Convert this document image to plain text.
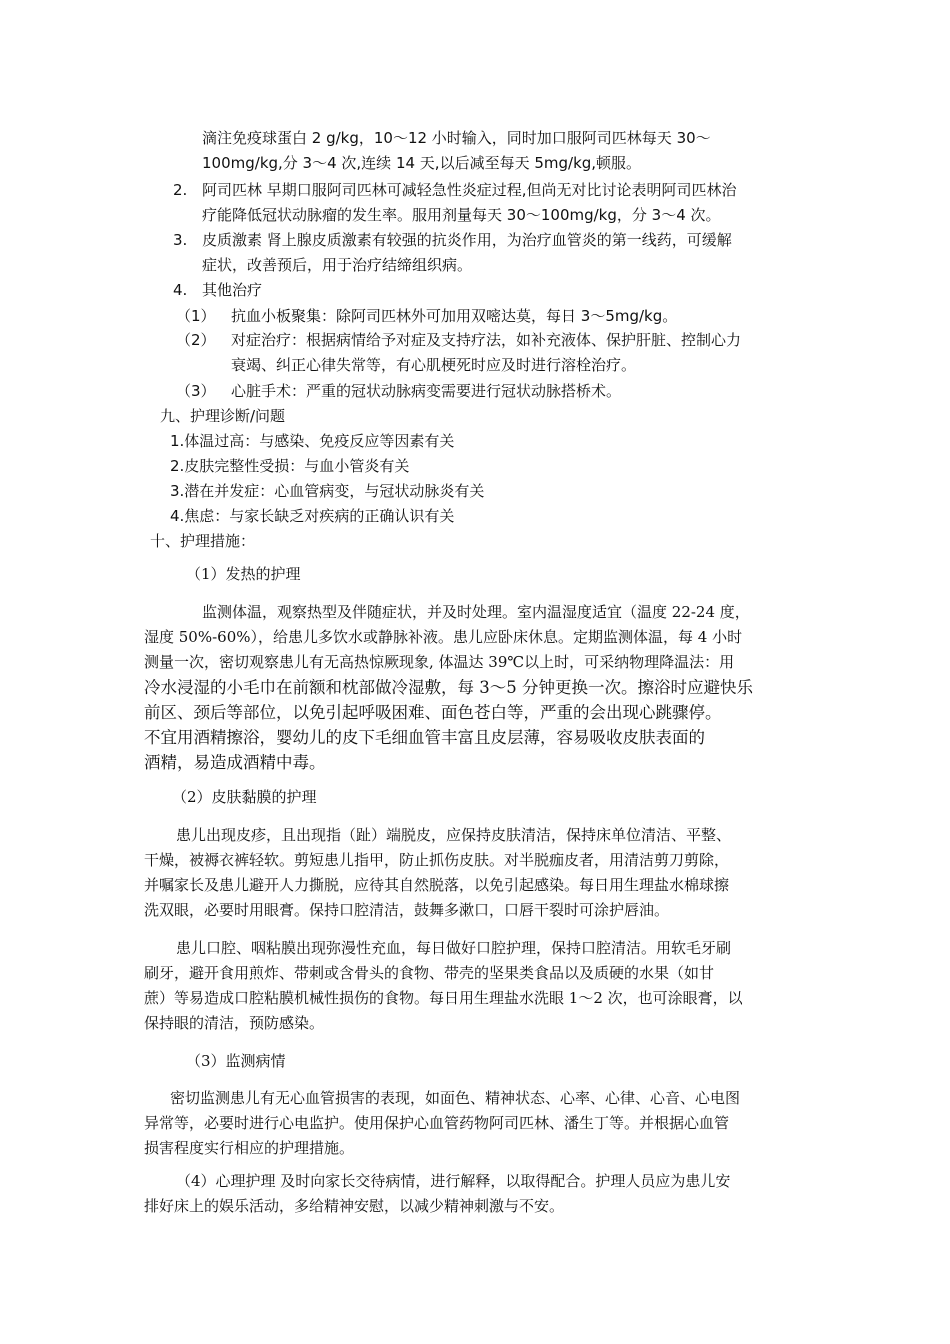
滴注免疫球蛋白 2 g/kg，10～12 小时输入，同时加口服阿司匹林每天 30～
100mg/kg,分 3～4 次,连续 14 天,以后减至每天 5mg/kg,顿服。
2. 阿司匹林 早期口服阿司匹林可减轻急性炎症过程,但尚无对比讨论表明阿司匹林治
疗能降低冠状动脉瘤的发生率。服用剂量每天 30～100mg/kg，分 3～4 次。
3. 皮质激素 肾上腺皮质激素有较强的抗炎作用，为治疗血管炎的第一线药，可缓解
症状，改善预后，用于治疗结缔组织病。
4. 其他治疗
（1） 抗血小板聚集：除阿司匹林外可加用双嘧达莫，每日 3～5mg/kg。
（2） 对症治疗：根据病情给予对症及支持疗法，如补充液体、保护肝脏、控制心力
衰竭、纠正心律失常等，有心肌梗死时应及时进行溶栓治疗。
（3） 心脏手术：严重的冠状动脉病变需要进行冠状动脉搭桥术。
九、护理诊断/问题
1.体温过高：与感染、免疫反应等因素有关
2.皮肤完整性受损：与血小管炎有关
3.潜在并发症：心血管病变，与冠状动脉炎有关
4.焦虑：与家长缺乏对疾病的正确认识有关
十、护理措施：
（1）发热的护理
监测体温，观察热型及伴随症状，并及时处理。室内温湿度适宜（温度 22-24 度，
湿度 50%-60%），给患儿多饮水或静脉补液。患儿应卧床休息。定期监测体温，每 4 小时
测量一次，密切观察患儿有无高热惊厥现象, 体温达 39℃以上时，可采纳物理降温法：用
冷水浸湿的小毛巾在前额和枕部做冷湿敷，每 3～5 分钟更换一次。擦浴时应避快乐
前区、颈后等部位，以免引起呼吸困难、面色苍白等，严重的会出现心跳骤停。
不宜用酒精擦浴，婴幼儿的皮下毛细血管丰富且皮层薄，容易吸收皮肤表面的
酒精，易造成酒精中毒。
（2）皮肤黏膜的护理
患儿出现皮疹，且出现指（趾）端脱皮，应保持皮肤清洁，保持床单位清洁、平整、
干燥，被褥衣裤轻软。剪短患儿指甲，防止抓伤皮肤。对半脱痂皮者，用清洁剪刀剪除，
并嘱家长及患儿避开人力撕脱，应待其自然脱落，以免引起感染。每日用生理盐水棉球擦
洗双眼，必要时用眼膏。保持口腔清洁，鼓舞多漱口，口唇干裂时可涂护唇油。
患儿口腔、咽粘膜出现弥漫性充血，每日做好口腔护理，保持口腔清洁。用软毛牙刷
刷牙，避开食用煎炸、带刺或含骨头的食物、带壳的坚果类食品以及质硬的水果（如甘
蔗）等易造成口腔粘膜机械性损伤的食物。每日用生理盐水洗眼 1～2 次，也可涂眼膏，以
保持眼的清洁，预防感染。
（3）监测病情
密切监测患儿有无心血管损害的表现，如面色、精神状态、心率、心律、心音、心电图
异常等，必要时进行心电监护。使用保护心血管药物阿司匹林、潘生丁等。并根据心血管
损害程度实行相应的护理措施。
（4）心理护理 及时向家长交待病情，进行解释，以取得配合。护理人员应为患儿安
排好床上的娱乐活动，多给精神安慰，以减少精神刺激与不安。
